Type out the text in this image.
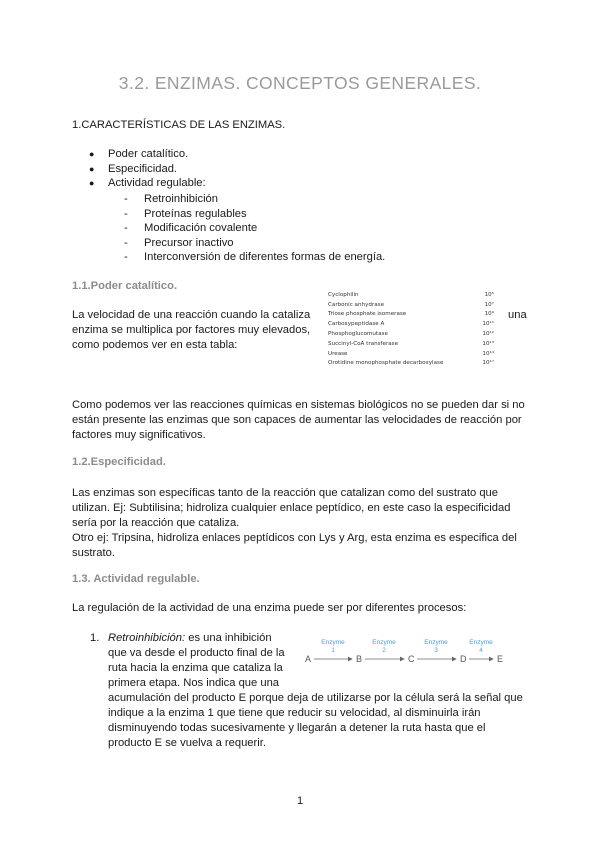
3.2. ENZIMAS. CONCEPTOS GENERALES.
1.CARACTERÍSTICAS DE LAS ENZIMAS.
● Poder catalítico.
● Especificidad.
● Actividad regulable:
- Retroinhibición
- Proteínas regulables
- Modificación covalente
- Precursor inactivo
- Interconversión de diferentes formas de energía.
1.1.Poder catalítico.
La velocidad de una reacción cuando la cataliza
enzima se multiplica por factores muy elevados,
como podemos ver en esta tabla:
Cyclophilin	10⁵
Carbonic anhydrase	10⁷
Triose phosphate isomerase	10⁹
Carboxypeptidase A	10¹¹
Phosphoglucomutase	10¹²
Succinyl-CoA transferase	10¹³
Urease	10¹⁴
Orotidine monophosphate decarboxylase	10¹⁷
una
Como podemos ver las reacciones químicas en sistemas biológicos no se pueden dar si no
están presente las enzimas que son capaces de aumentar las velocidades de reacción por
factores muy significativos.
1.2.Especificidad.
Las enzimas son específicas tanto de la reacción que catalizan como del sustrato que
utilizan. Ej: Subtilisina; hidroliza cualquier enlace peptídico, en este caso la especificidad
sería por la reacción que cataliza.
Otro ej: Tripsina, hidroliza enlaces peptídicos con Lys y Arg, esta enzima es especifica del
sustrato.
1.3. Actividad regulable.
La regulación de la actividad de una enzima puede ser por diferentes procesos:
1. Retroinhibición: es una inhibición
que va desde el producto final de la
ruta hacia la enzima que cataliza la
primera etapa. Nos indica que una
acumulación del producto E porque deja de utilizarse por la célula será la señal que
indique a la enzima 1 que tiene que reducir su velocidad, al disminuirla irán
disminuyendo todas sucesivamente y llegarán a detener la ruta hasta que el
producto E se vuelva a requerir.
A	B	C	D	E
Enzyme
1
Enzyme
2
Enzyme
3
Enzyme
4
1
